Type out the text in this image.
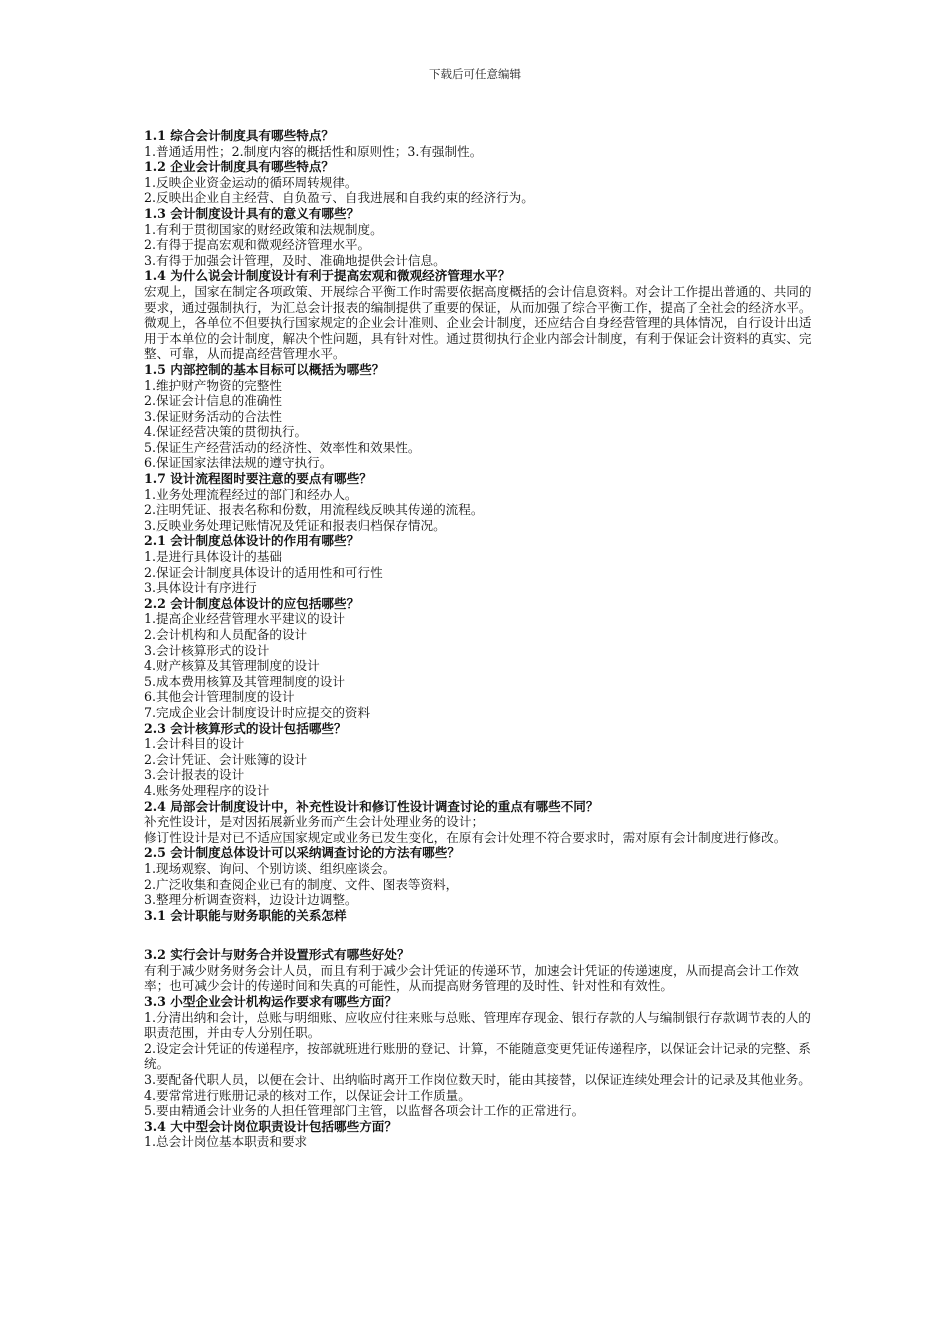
下载后可任意编辑
1.1 综合会计制度具有哪些特点？
1.普通适用性；2.制度内容的概括性和原则性；3.有强制性。
1.2 企业会计制度具有哪些特点？
1.反映企业资金运动的循环周转规律。
2.反映出企业自主经营、自负盈亏、自我进展和自我约束的经济行为。
1.3 会计制度设计具有的意义有哪些？
1.有利于贯彻国家的财经政策和法规制度。
2.有得于提高宏观和微观经济管理水平。
3.有得于加强会计管理，及时、准确地提供会计信息。
1.4 为什么说会计制度设计有利于提高宏观和微观经济管理水平？
宏观上，国家在制定各项政策、开展综合平衡工作时需要依据高度概括的会计信息资料。对会计工作提出普通的、共同的要求，通过强制执行，为汇总会计报表的编制提供了重要的保证，从而加强了综合平衡工作，提高了全社会的经济水平。
微观上，各单位不但要执行国家规定的企业会计准则、企业会计制度，还应结合自身经营管理的具体情况，自行设计出适用于本单位的会计制度，解决个性问题，具有针对性。通过贯彻执行企业内部会计制度，有利于保证会计资料的真实、完整、可靠，从而提高经营管理水平。
1.5 内部控制的基本目标可以概括为哪些？
1.维护财产物资的完整性
2.保证会计信息的准确性
3.保证财务活动的合法性
4.保证经营决策的贯彻执行。
5.保证生产经营活动的经济性、效率性和效果性。
6.保证国家法律法规的遵守执行。
1.7 设计流程图时要注意的要点有哪些？
1.业务处理流程经过的部门和经办人。
2.注明凭证、报表名称和份数，用流程线反映其传递的流程。
3.反映业务处理记账情况及凭证和报表归档保存情况。
2.1 会计制度总体设计的作用有哪些？
1.是进行具体设计的基础
2.保证会计制度具体设计的适用性和可行性
3.具体设计有序进行
2.2 会计制度总体设计的应包括哪些？
1.提高企业经营管理水平建议的设计
2.会计机构和人员配备的设计
3.会计核算形式的设计
4.财产核算及其管理制度的设计
5.成本费用核算及其管理制度的设计
6.其他会计管理制度的设计
7.完成企业会计制度设计时应提交的资料
2.3 会计核算形式的设计包括哪些？
1.会计科目的设计
2.会计凭证、会计账簿的设计
3.会计报表的设计
4.账务处理程序的设计
2.4 局部会计制度设计中，补充性设计和修订性设计调查讨论的重点有哪些不同？
补充性设计，是对因拓展新业务而产生会计处理业务的设计；
修订性设计是对已不适应国家规定或业务已发生变化，在原有会计处理不符合要求时，需对原有会计制度进行修改。
2.5 会计制度总体设计可以采纳调查讨论的方法有哪些？
1.现场观察、询问、个别访谈、组织座谈会。
2.广泛收集和查阅企业已有的制度、文件、图表等资料，
3.整理分析调查资料，边设计边调整。
3.1 会计职能与财务职能的关系怎样
3.2 实行会计与财务合并设置形式有哪些好处？
有利于减少财务财务会计人员，而且有利于减少会计凭证的传递环节，加速会计凭证的传递速度，从而提高会计工作效率；也可减少会计的传递时间和失真的可能性，从而提高财务管理的及时性、针对性和有效性。
3.3 小型企业会计机构运作要求有哪些方面？
1.分清出纳和会计，总账与明细账、应收应付往来账与总账、管理库存现金、银行存款的人与编制银行存款调节表的人的职责范围，并由专人分别任职。
2.设定会计凭证的传递程序，按部就班进行账册的登记、计算，不能随意变更凭证传递程序，以保证会计记录的完整、系统。
3.要配备代职人员，以便在会计、出纳临时离开工作岗位数天时，能由其接替，以保证连续处理会计的记录及其他业务。
4.要常常进行账册记录的核对工作，以保证会计工作质量。
5.要由精通会计业务的人担任管理部门主管，以监督各项会计工作的正常进行。
3.4 大中型会计岗位职责设计包括哪些方面？
1.总会计岗位基本职责和要求
